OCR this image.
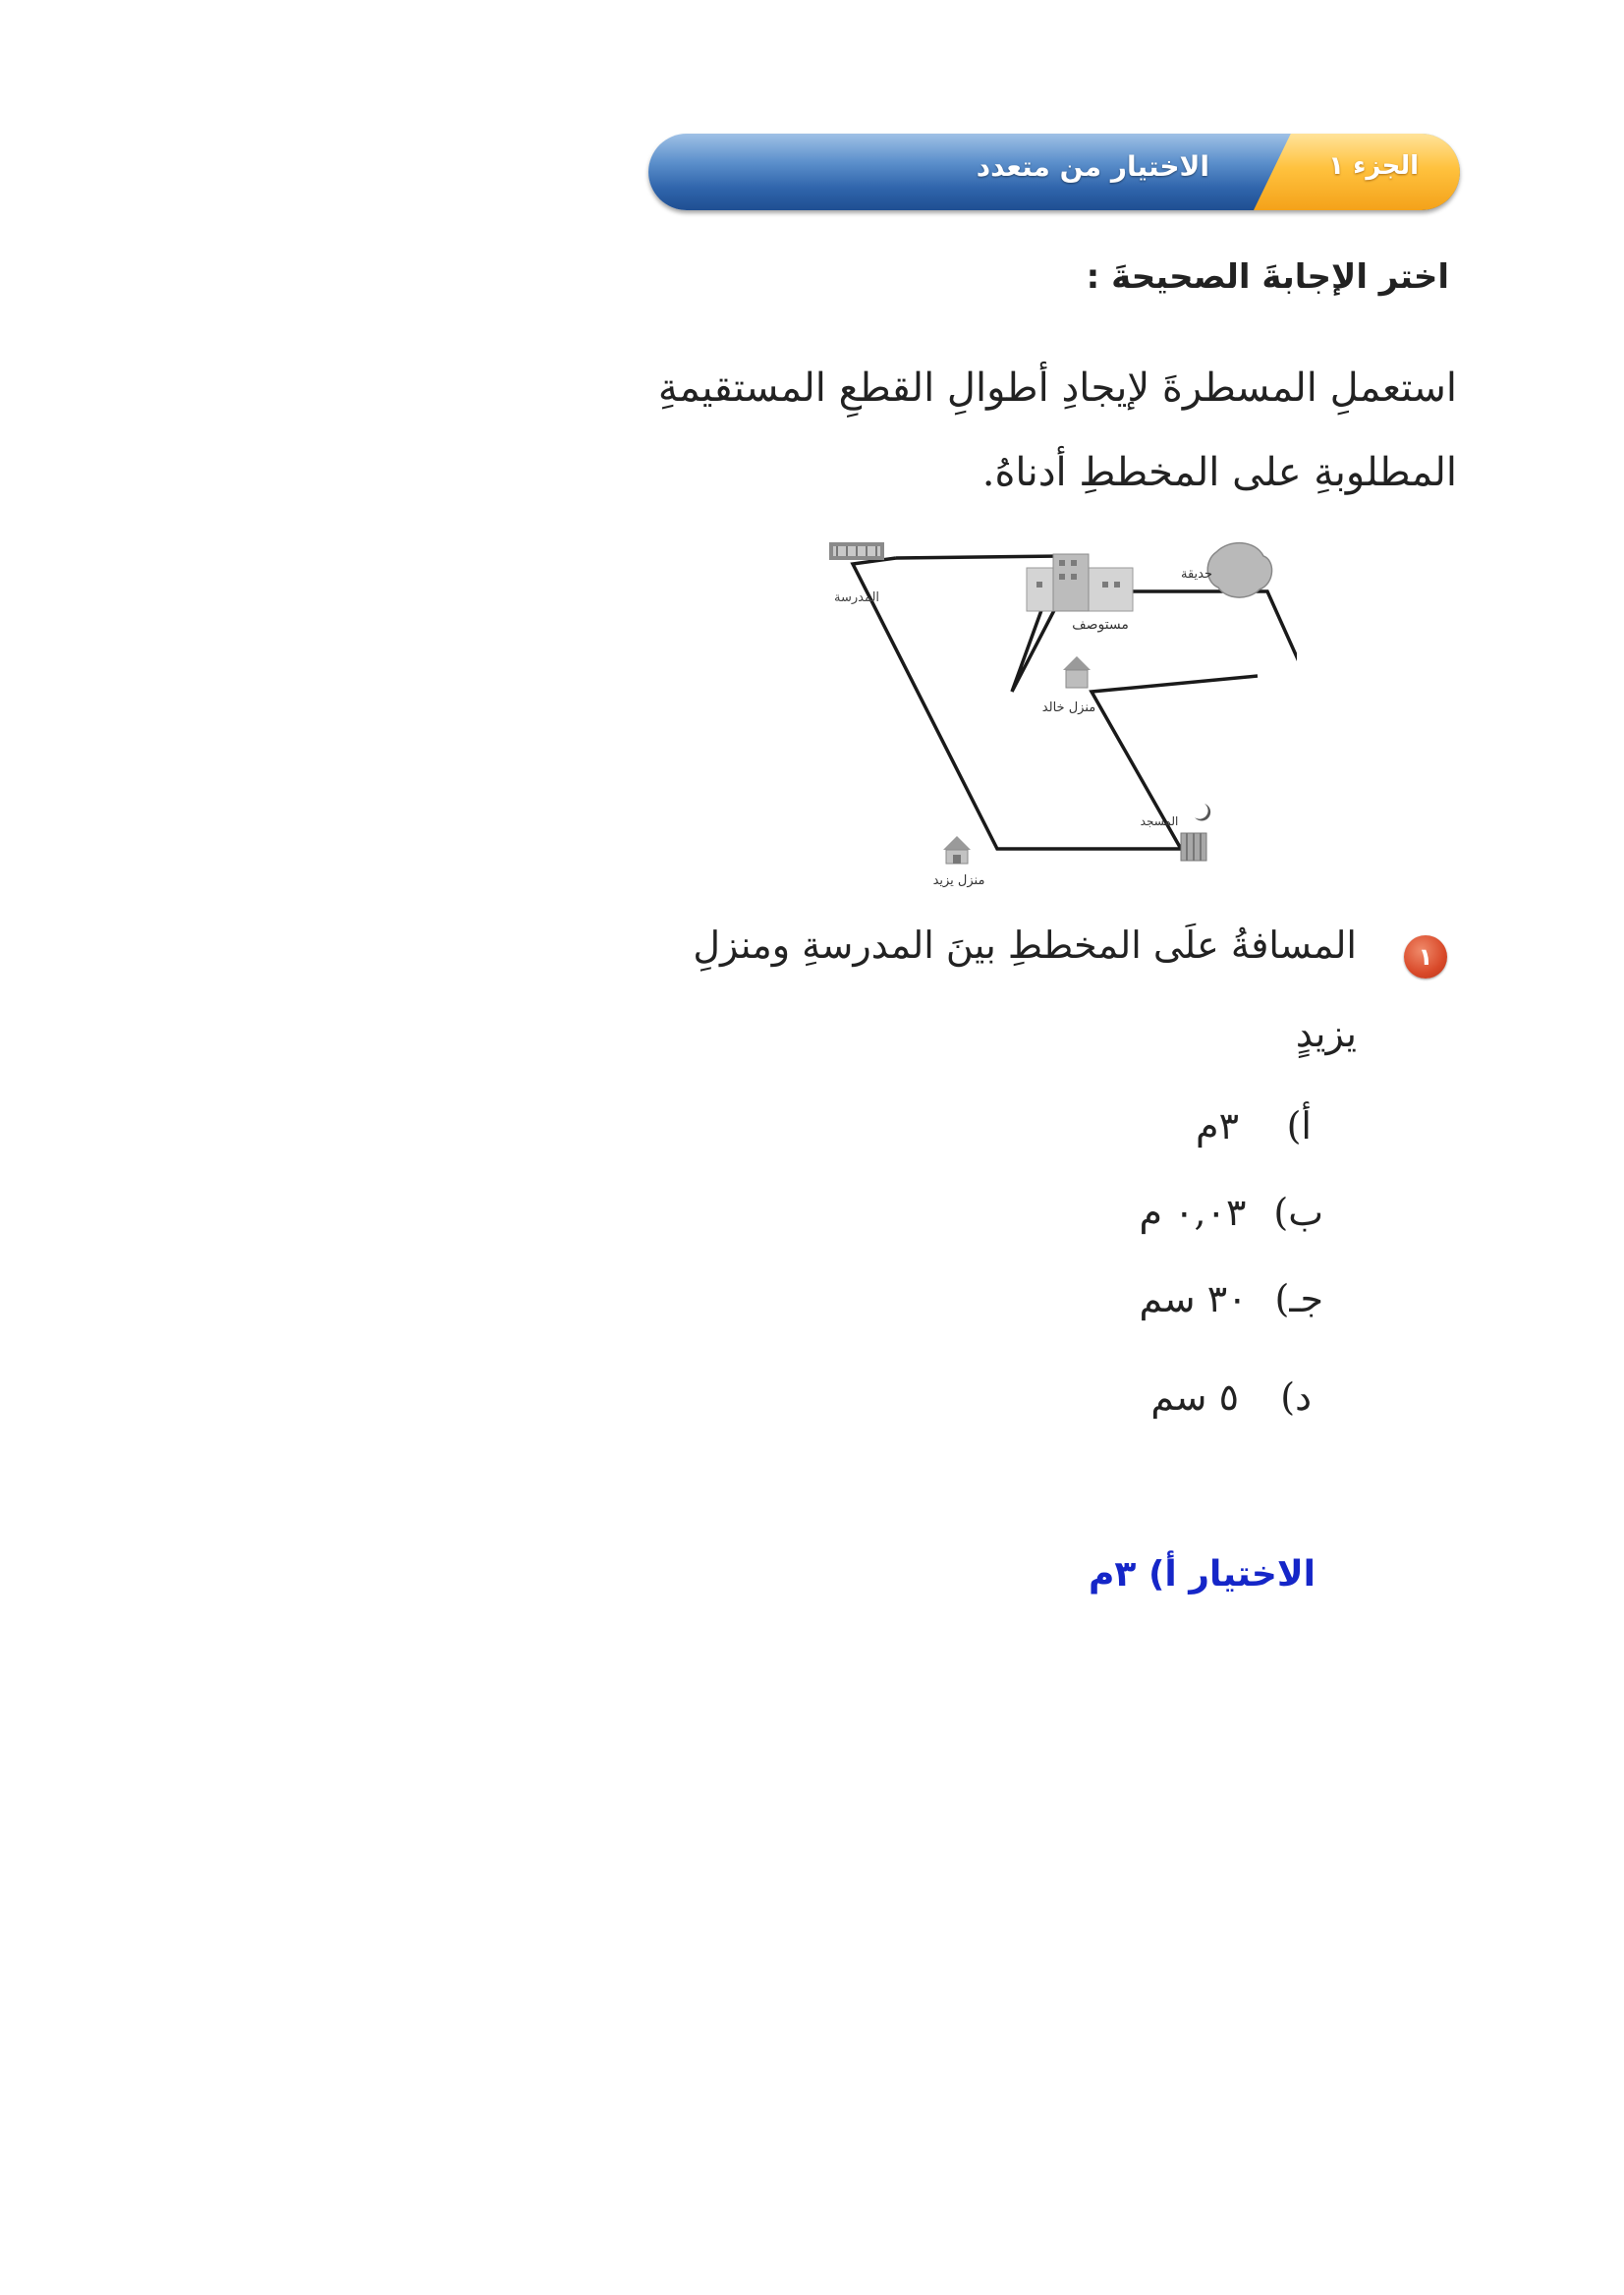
الجزء ١
الاختيار من متعدد
اختر الإجابةَ الصحيحةَ :
استعملِ المسطرةَ لإيجادِ أطوالِ القطعِ المستقيمةِ
المطلوبةِ على المخططِ أدناهُ.
المدرسة
مستوصف
حديقة
منزل خالد
المسجد
منزل يزيد
١
المسافةُ علَى المخططِ بينَ المدرسةِ ومنزلِ
يزيدٍ
أ)
٣م
ب)
٠,٠٣ م
جـ)
٣٠ سم
د)
٥ سم
الاختيار أ) ٣م
